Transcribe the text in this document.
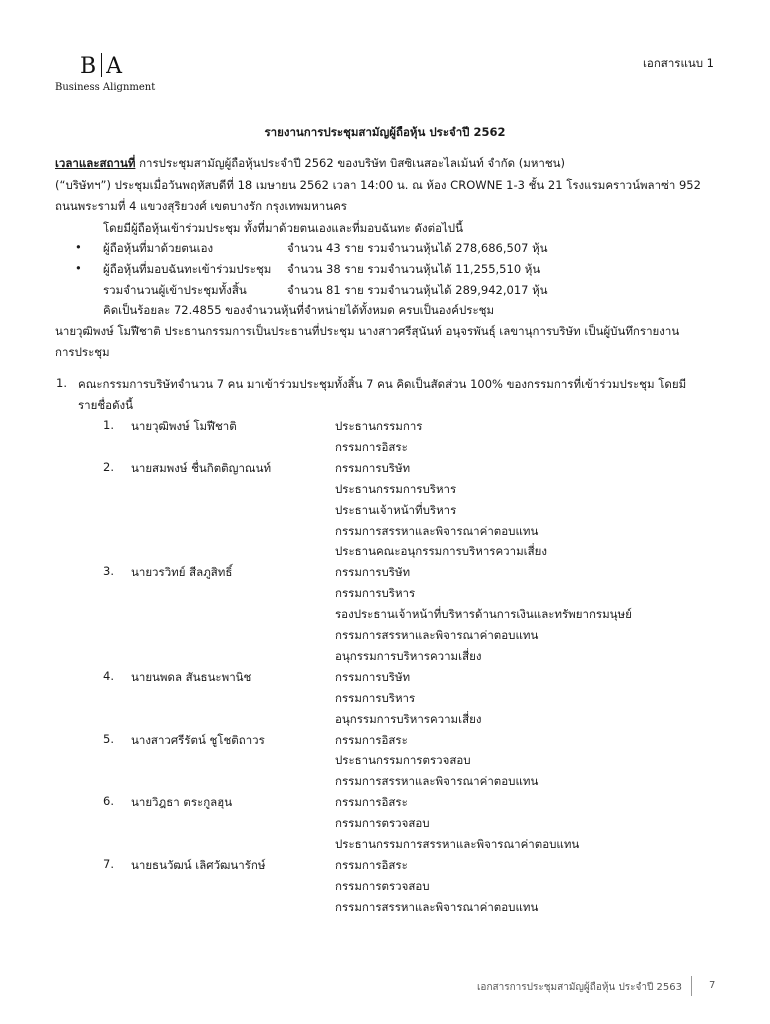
B A
Business Alignment
เอกสารแนบ 1
รายงานการประชุมสามัญผู้ถือหุ้น ประจำปี 2562
เวลาและสถานที่ การประชุมสามัญผู้ถือหุ้นประจำปี 2562 ของบริษัท บิสซิเนสอะไลเม้นท์ จำกัด (มหาชน)
(“บริษัทฯ”) ประชุมเมื่อวันพฤหัสบดีที่ 18 เมษายน 2562 เวลา 14:00 น. ณ ห้อง CROWNE 1-3 ชั้น 21 โรงแรมคราวน์พลาซ่า 952
ถนนพระรามที่ 4 แขวงสุริยวงศ์ เขตบางรัก กรุงเทพมหานคร
โดยมีผู้ถือหุ้นเข้าร่วมประชุม ทั้งที่มาด้วยตนเองและที่มอบฉันทะ ดังต่อไปนี้
• ผู้ถือหุ้นที่มาด้วยตนเอง	จำนวน 43 ราย รวมจำนวนหุ้นได้ 278,686,507 หุ้น
• ผู้ถือหุ้นที่มอบฉันทะเข้าร่วมประชุม จำนวน 38 ราย รวมจำนวนหุ้นได้ 11,255,510 หุ้น
รวมจำนวนผู้เข้าประชุมทั้งสิ้น	จำนวน 81 ราย รวมจำนวนหุ้นได้ 289,942,017 หุ้น
คิดเป็นร้อยละ 72.4855 ของจำนวนหุ้นที่จำหน่ายได้ทั้งหมด ครบเป็นองค์ประชุม
นายวุฒิพงษ์ โมฬีชาติ ประธานกรรมการเป็นประธานที่ประชุม นางสาวศรีสุนันท์ อนุจรพันธุ์ เลขานุการบริษัท เป็นผู้บันทึกรายงาน
การประชุม
1. คณะกรรมการบริษัทจำนวน 7 คน มาเข้าร่วมประชุมทั้งสิ้น 7 คน คิดเป็นสัดส่วน 100% ของกรรมการที่เข้าร่วมประชุม โดยมี
รายชื่อดังนี้
1. นายวุฒิพงษ์ โมฬีชาติ	ประธานกรรมการ
กรรมการอิสระ
2. นายสมพงษ์ ชื่นกิตติญาณนท์	กรรมการบริษัท
ประธานกรรมการบริหาร
ประธานเจ้าหน้าที่บริหาร
กรรมการสรรหาและพิจารณาค่าตอบแทน
ประธานคณะอนุกรรมการบริหารความเสี่ยง
3. นายวรวิทย์ สีลภูสิทธิ์	กรรมการบริษัท
กรรมการบริหาร
รองประธานเจ้าหน้าที่บริหารด้านการเงินและทรัพยากรมนุษย์
กรรมการสรรหาและพิจารณาค่าตอบแทน
อนุกรรมการบริหารความเสี่ยง
4. นายนพดล สันธนะพานิช	กรรมการบริษัท
กรรมการบริหาร
อนุกรรมการบริหารความเสี่ยง
5. นางสาวศรีรัตน์ ชูโชติถาวร	กรรมการอิสระ
ประธานกรรมการตรวจสอบ
กรรมการสรรหาและพิจารณาค่าตอบแทน
6. นายวิฎธา ตระกูลฮุน	กรรมการอิสระ
กรรมการตรวจสอบ
ประธานกรรมการสรรหาและพิจารณาค่าตอบแทน
7. นายธนวัฒน์ เลิศวัฒนารักษ์	กรรมการอิสระ
กรรมการตรวจสอบ
กรรมการสรรหาและพิจารณาค่าตอบแทน
เอกสารการประชุมสามัญผู้ถือหุ้น ประจำปี 2563	7
